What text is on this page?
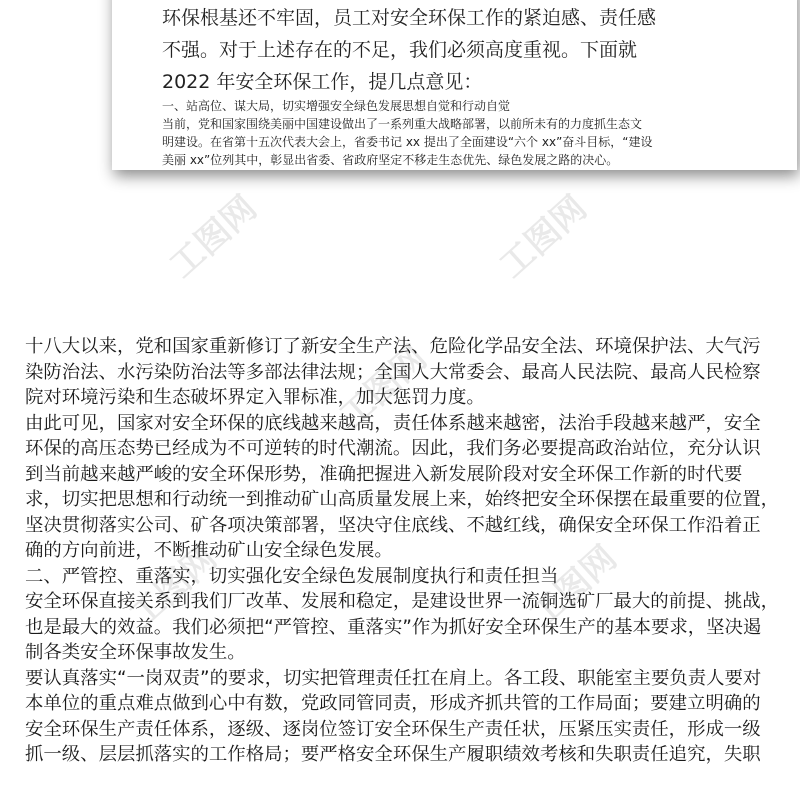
环保根基还不牢固，员工对安全环保工作的紧迫感、责任感
不强。对于上述存在的不足，我们必须高度重视。下面就
2022 年安全环保工作，提几点意见：
一、站高位、谋大局，切实增强安全绿色发展思想自觉和行动自觉
当前，党和国家围绕美丽中国建设做出了一系列重大战略部署，以前所未有的力度抓生态文
明建设。在省第十五次代表大会上，省委书记 xx 提出了全面建设“六个 xx”奋斗目标，“建设
美丽 xx”位列其中，彰显出省委、省政府坚定不移走生态优先、绿色发展之路的决心。
工图网	工图网
工图网
工图网	工图网
十八大以来，党和国家重新修订了新安全生产法、危险化学品安全法、环境保护法、大气污
染防治法、水污染防治法等多部法律法规；全国人大常委会、最高人民法院、最高人民检察
院对环境污染和生态破坏界定入罪标准，加大惩罚力度。
由此可见，国家对安全环保的底线越来越高，责任体系越来越密，法治手段越来越严，安全
环保的高压态势已经成为不可逆转的时代潮流。因此，我们务必要提高政治站位，充分认识
到当前越来越严峻的安全环保形势，准确把握进入新发展阶段对安全环保工作新的时代要
求，切实把思想和行动统一到推动矿山高质量发展上来，始终把安全环保摆在最重要的位置，
坚决贯彻落实公司、矿各项决策部署，坚决守住底线、不越红线，确保安全环保工作沿着正
确的方向前进，不断推动矿山安全绿色发展。
二、严管控、重落实，切实强化安全绿色发展制度执行和责任担当
安全环保直接关系到我们厂改革、发展和稳定，是建设世界一流铜选矿厂最大的前提、挑战，
也是最大的效益。我们必须把“严管控、重落实”作为抓好安全环保生产的基本要求，坚决遏
制各类安全环保事故发生。
要认真落实“一岗双责”的要求，切实把管理责任扛在肩上。各工段、职能室主要负责人要对
本单位的重点难点做到心中有数，党政同管同责，形成齐抓共管的工作局面；要建立明确的
安全环保生产责任体系，逐级、逐岗位签订安全环保生产责任状，压紧压实责任，形成一级
抓一级、层层抓落实的工作格局；要严格安全环保生产履职绩效考核和失职责任追究，失职
